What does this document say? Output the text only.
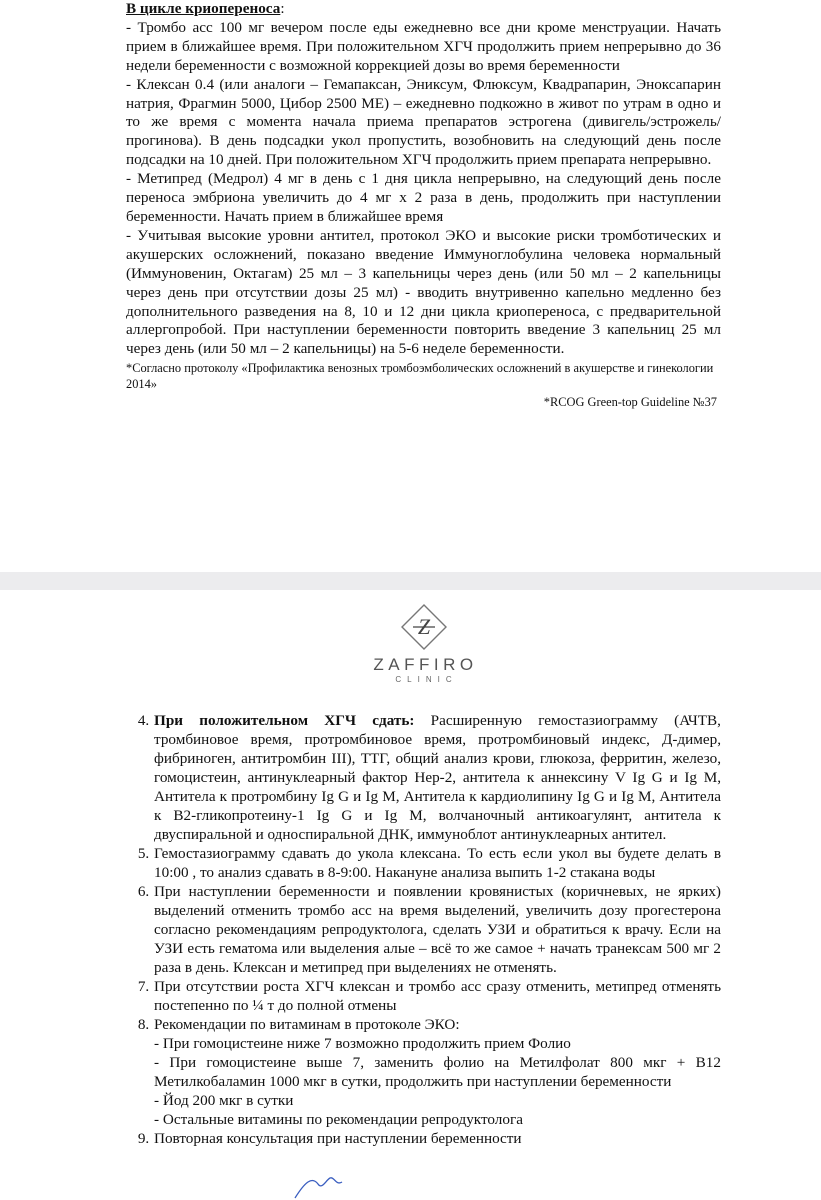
В цикле криопереноса:

- Тромбо асс 100 мг вечером после еды ежедневно все дни кроме менструации. Начать прием в ближайшее время. При положительном ХГЧ продолжить прием непрерывно до 36 недели беременности с возможной коррекцией дозы во время беременности

- Клексан 0.4 (или аналоги – Гемапаксан, Эниксум, Флюксум, Квадрапарин, Эноксапарин натрия, Фрагмин 5000, Цибор 2500 МЕ) – ежедневно подкожно в живот по утрам в одно и то же время с момента начала приема препаратов эстрогена (дивигель/эстрожель/прогинова). В день подсадки укол пропустить, возобновить на следующий день после подсадки на 10 дней. При положительном ХГЧ продолжить прием препарата непрерывно.

- Метипред (Медрол) 4 мг в день с 1 дня цикла непрерывно, на следующий день после переноса эмбриона увеличить до 4 мг х 2 раза в день, продолжить при наступлении беременности. Начать прием в ближайшее время

- Учитывая высокие уровни антител, протокол ЭКО и высокие риски тромботических и акушерских осложнений, показано введение Иммуноглобулина человека нормальный (Иммуновенин, Октагам) 25 мл – 3 капельницы через день (или 50 мл – 2 капельницы через день при отсутствии дозы 25 мл) - вводить внутривенно капельно медленно без дополнительного разведения на 8, 10 и 12 дни цикла криопереноса, с предварительной аллергопробой. При наступлении беременности повторить введение 3 капельниц 25 мл через день (или 50 мл – 2 капельницы) на 5-6 неделе беременности.

*Согласно протоколу «Профилактика венозных тромбоэмболических осложнений в акушерстве и гинекологии 2014»

*RCOG Green-top Guideline №37

Z
ZAFFIRO
CLINIC
4. При положительном ХГЧ сдать: Расширенную гемостазиограмму (АЧТВ, тромбиновое время, протромбиновое время, протромбиновый индекс, Д-димер, фибриноген, антитромбин III), ТТГ, общий анализ крови, глюкоза, ферритин, железо, гомоцистеин, антинуклеарный фактор Hep-2, антитела к аннексину V Ig G и Ig M, Антитела к протромбину Ig G и Ig M, Антитела к кардиолипину Ig G и Ig M, Антитела к B2-гликопротеину-1 Ig G и Ig M, волчаночный антикоагулянт, антитела к двуспиральной и односпиральной ДНК, иммуноблот антинуклеарных антител.
5. Гемостазиограмму сдавать до укола клексана. То есть если укол вы будете делать в 10:00 , то анализ сдавать в 8-9:00. Накануне анализа выпить 1-2 стакана воды
6. При наступлении беременности и появлении кровянистых (коричневых, не ярких) выделений отменить тромбо асс на время выделений, увеличить дозу прогестерона согласно рекомендациям репродуктолога, сделать УЗИ и обратиться к врачу. Если на УЗИ есть гематома или выделения алые – всё то же самое + начать транексам 500 мг 2 раза в день. Клексан и метипред при выделениях не отменять.
7. При отсутствии роста ХГЧ клексан и тромбо асс сразу отменить, метипред отменять постепенно по ¼ т до полной отмены
8. Рекомендации по витаминам в протоколе ЭКО:
- При гомоцистеине ниже 7 возможно продолжить прием Фолио
- При гомоцистеине выше 7, заменить фолио на Метилфолат 800 мкг + B12 Метилкобаламин 1000 мкг в сутки, продолжить при наступлении беременности
- Йод 200 мкг в сутки
- Остальные витамины по рекомендации репродуктолога
9. Повторная консультация при наступлении беременности
